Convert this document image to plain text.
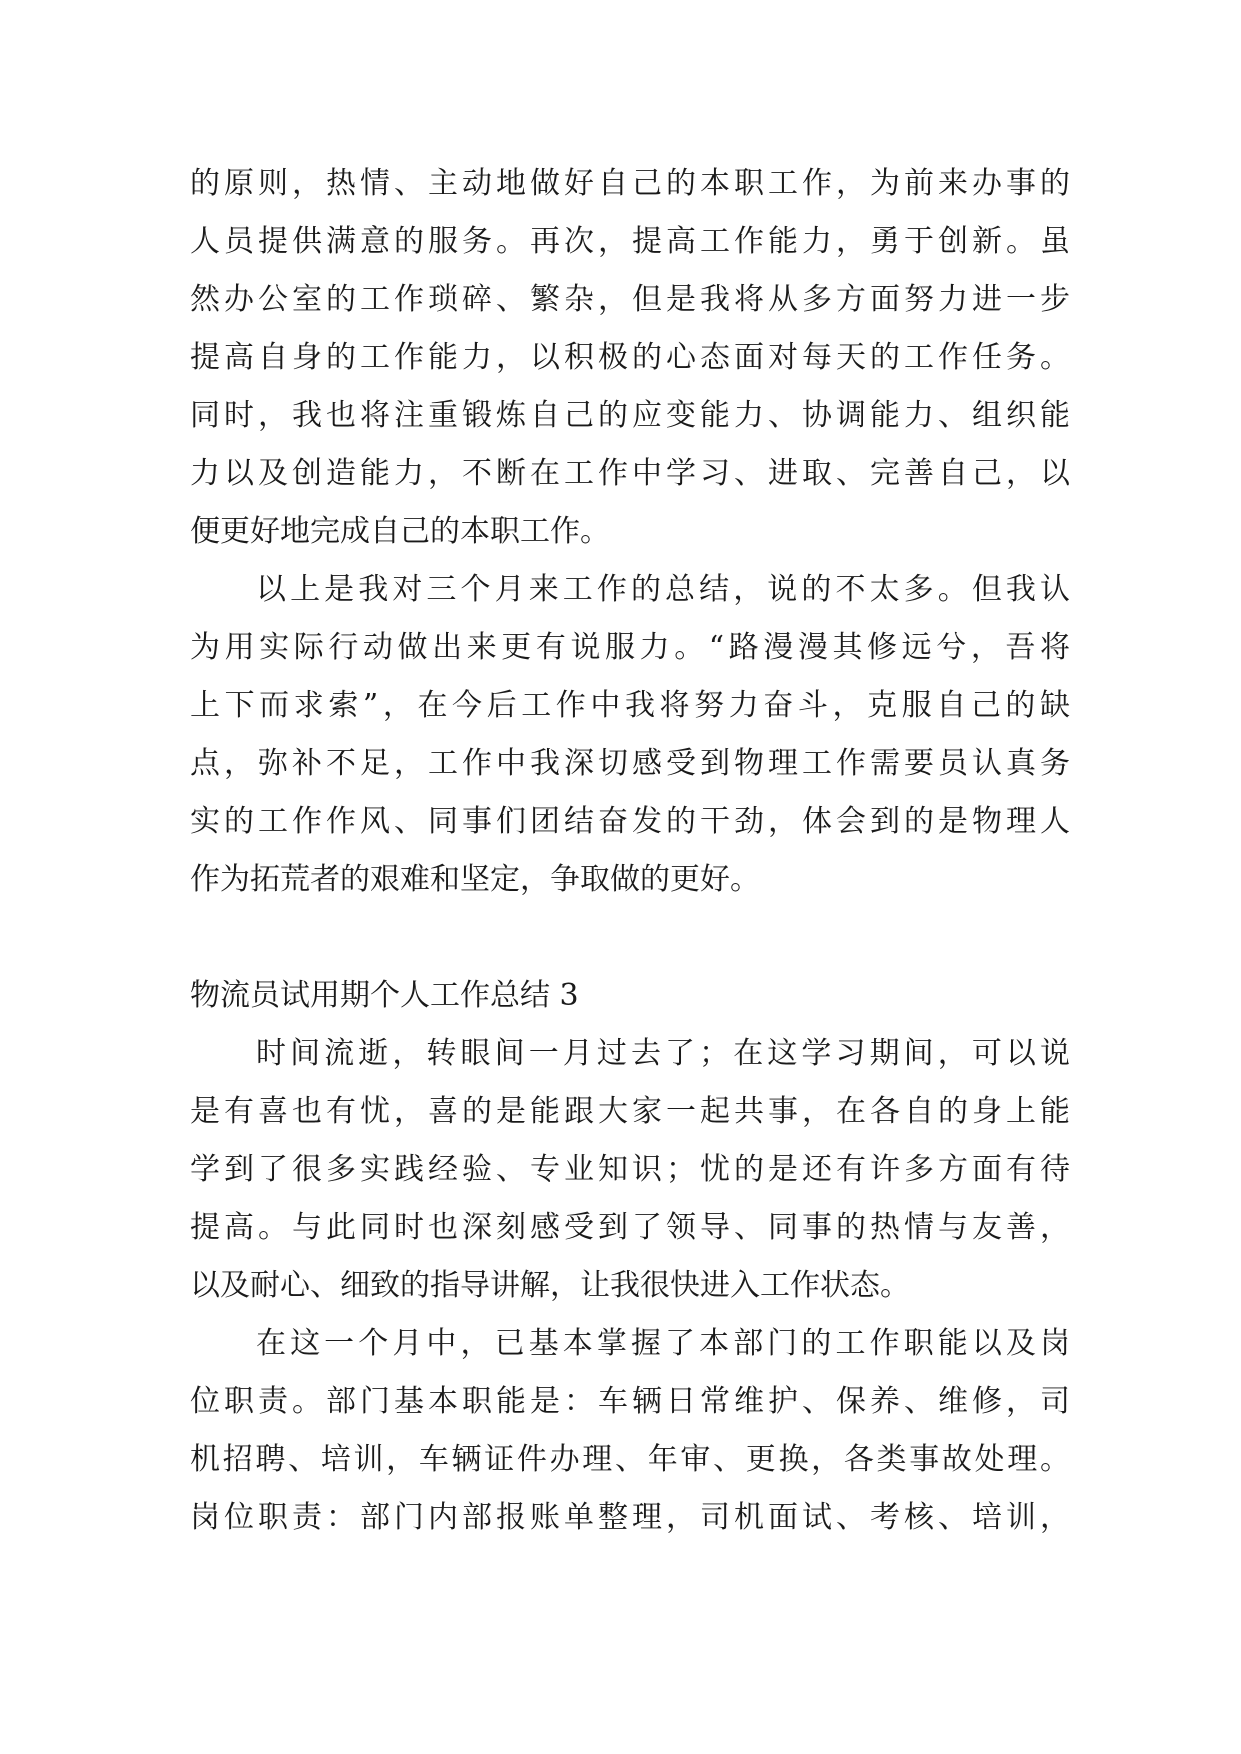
的原则，热情、主动地做好自己的本职工作，为前来办事的
人员提供满意的服务。再次，提高工作能力，勇于创新。虽
然办公室的工作琐碎、繁杂，但是我将从多方面努力进一步
提高自身的工作能力，以积极的心态面对每天的工作任务。
同时，我也将注重锻炼自己的应变能力、协调能力、组织能
力以及创造能力，不断在工作中学习、进取、完善自己，以
便更好地完成自己的本职工作。
以上是我对三个月来工作的总结，说的不太多。但我认
为用实际行动做出来更有说服力。“路漫漫其修远兮，吾将
上下而求索”，在今后工作中我将努力奋斗，克服自己的缺
点，弥补不足，工作中我深切感受到物理工作需要员认真务
实的工作作风、同事们团结奋发的干劲，体会到的是物理人
作为拓荒者的艰难和坚定，争取做的更好。
物流员试用期个人工作总结 3
时间流逝，转眼间一月过去了；在这学习期间，可以说
是有喜也有忧，喜的是能跟大家一起共事，在各自的身上能
学到了很多实践经验、专业知识；忧的是还有许多方面有待
提高。与此同时也深刻感受到了领导、同事的热情与友善，
以及耐心、细致的指导讲解，让我很快进入工作状态。
在这一个月中，已基本掌握了本部门的工作职能以及岗
位职责。部门基本职能是：车辆日常维护、保养、维修，司
机招聘、培训，车辆证件办理、年审、更换，各类事故处理。
岗位职责：部门内部报账单整理，司机面试、考核、培训，
